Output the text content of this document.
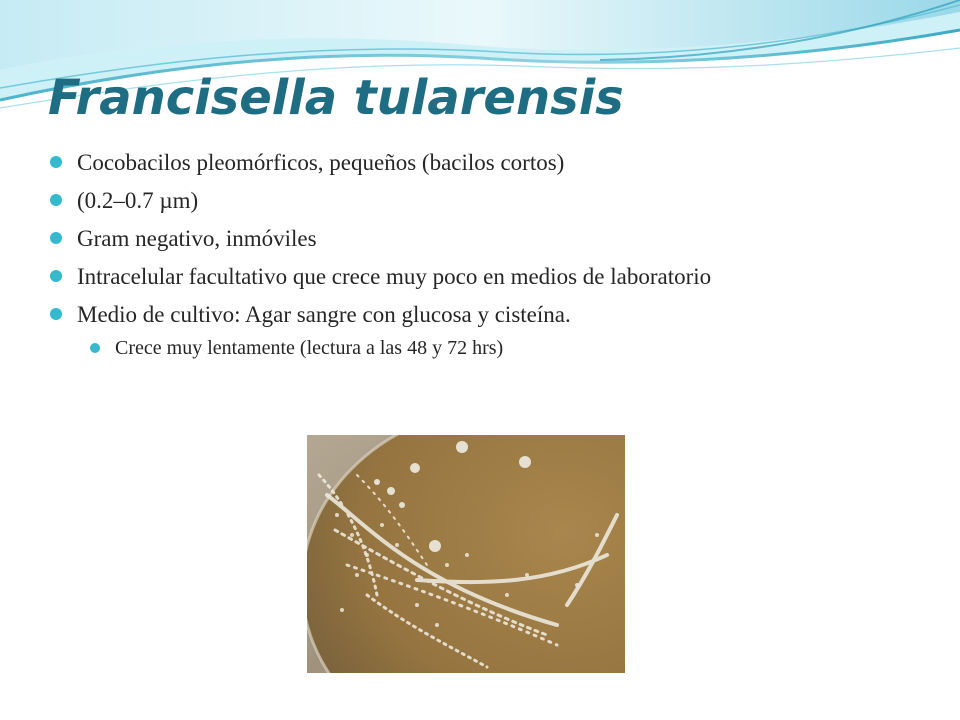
Francisella tularensis
Cocobacilos pleomórficos, pequeños (bacilos cortos)
(0.2–0.7 µm)
Gram negativo, inmóviles
Intracelular facultativo que crece muy poco en medios de laboratorio
Medio de cultivo: Agar sangre con glucosa y cisteína.
Crece muy lentamente (lectura a las 48 y 72 hrs)
